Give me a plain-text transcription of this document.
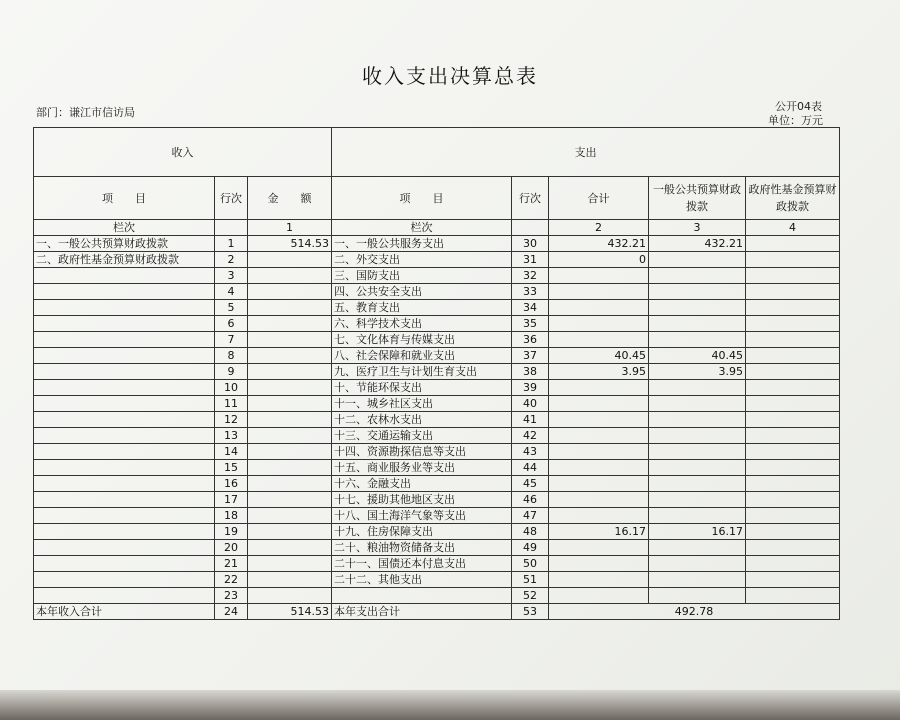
收入支出决算总表
部门：谦江市信访局	公开04表
单位：万元
收入			支出				
项　　目	行次	金　　额	项　　目	行次	合计	一般公共预算财政拨款	政府性基金预算财政拨款
栏次		1	栏次		2	3	4
一、一般公共预算财政拨款	1	514.53	一、一般公共服务支出	30	432.21	432.21	
二、政府性基金预算财政拨款	2		二、外交支出	31	0		
	3		三、国防支出	32			
	4		四、公共安全支出	33			
	5		五、教育支出	34			
	6		六、科学技术支出	35			
	7		七、文化体育与传媒支出	36			
	8		八、社会保障和就业支出	37	40.45	40.45	
	9		九、医疗卫生与计划生育支出	38	3.95	3.95	
	10		十、节能环保支出	39			
	11		十一、城乡社区支出	40			
	12		十二、农林水支出	41			
	13		十三、交通运输支出	42			
	14		十四、资源勘探信息等支出	43			
	15		十五、商业服务业等支出	44			
	16		十六、金融支出	45			
	17		十七、援助其他地区支出	46			
	18		十八、国土海洋气象等支出	47			
	19		十九、住房保障支出	48	16.17	16.17	
	20		二十、粮油物资储备支出	49			
	21		二十一、国债还本付息支出	50			
	22		二十二、其他支出	51			
	23			52			
本年收入合计	24	514.53	本年支出合计	53	492.78		
